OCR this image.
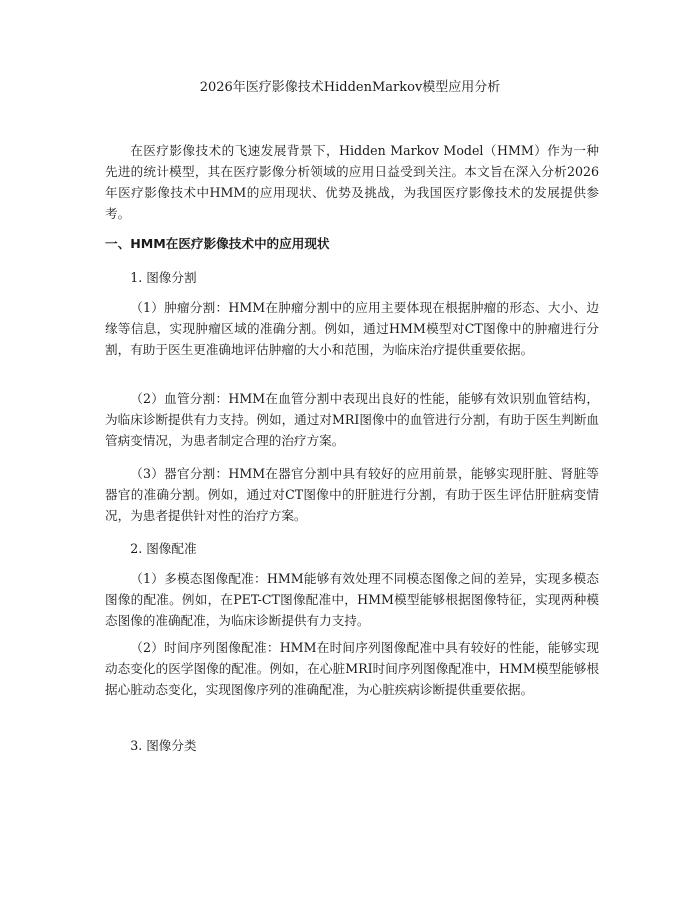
2026年医疗影像技术HiddenMarkov模型应用分析

在医疗影像技术的飞速发展背景下，Hidden Markov Model（HMM）作为一种先进的统计模型，其在医疗影像分析领域的应用日益受到关注。本文旨在深入分析2026年医疗影像技术中HMM的应用现状、优势及挑战，为我国医疗影像技术的发展提供参考。

一、HMM在医疗影像技术中的应用现状
1. 图像分割

（1）肿瘤分割：HMM在肿瘤分割中的应用主要体现在根据肿瘤的形态、大小、边缘等信息，实现肿瘤区域的准确分割。例如，通过HMM模型对CT图像中的肿瘤进行分割，有助于医生更准确地评估肿瘤的大小和范围，为临床治疗提供重要依据。

（2）血管分割：HMM在血管分割中表现出良好的性能，能够有效识别血管结构，为临床诊断提供有力支持。例如，通过对MRI图像中的血管进行分割，有助于医生判断血管病变情况，为患者制定合理的治疗方案。

（3）器官分割：HMM在器官分割中具有较好的应用前景，能够实现肝脏、肾脏等器官的准确分割。例如，通过对CT图像中的肝脏进行分割，有助于医生评估肝脏病变情况，为患者提供针对性的治疗方案。

2. 图像配准

（1）多模态图像配准：HMM能够有效处理不同模态图像之间的差异，实现多模态图像的配准。例如，在PET-CT图像配准中，HMM模型能够根据图像特征，实现两种模态图像的准确配准，为临床诊断提供有力支持。

（2）时间序列图像配准：HMM在时间序列图像配准中具有较好的性能，能够实现动态变化的医学图像的配准。例如，在心脏MRI时间序列图像配准中，HMM模型能够根据心脏动态变化，实现图像序列的准确配准，为心脏疾病诊断提供重要依据。

3. 图像分类
